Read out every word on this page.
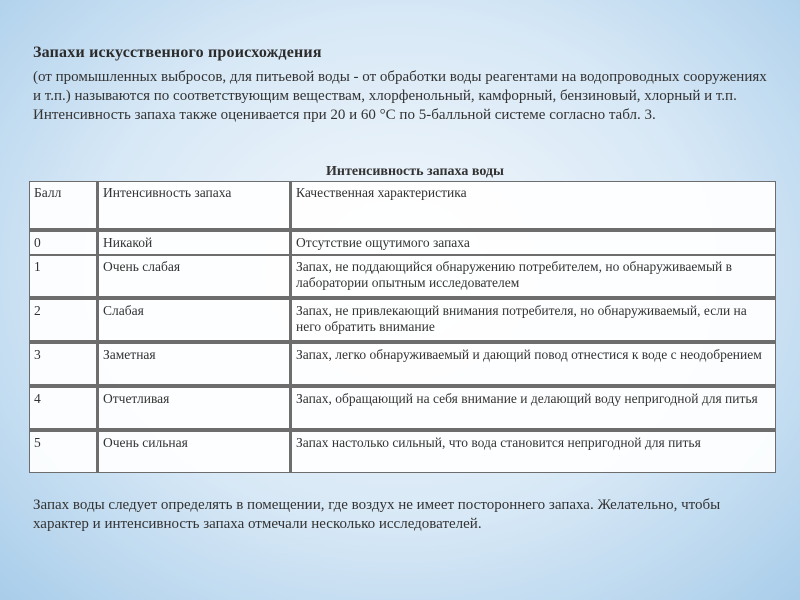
Запахи искусственного происхождения
(от промышленных выбросов, для питьевой воды - от обработки воды реагентами на водопроводных сооружениях и т.п.) называются по соответствующим веществам, хлорфенольный, камфорный, бензиновый, хлорный и т.п. Интенсивность запаха также оценивается при 20 и 60 °С по 5-балльной системе согласно табл. 3.
Интенсивность запаха воды
Балл	Интенсивность запаха	Качественная характеристика
0	Никакой	Отсутствие ощутимого запаха
1	Очень слабая	Запах, не поддающийся обнаружению потребителем, но обнаруживаемый в лаборатории опытным исследователем
2	Слабая	Запах, не привлекающий внимания потребителя, но обнаруживаемый, если на него обратить внимание
3	Заметная	Запах, легко обнаруживаемый и дающий повод отнестися к воде с неодобрением
4	Отчетливая	Запах, обращающий на себя внимание и делающий воду непригодной для питья
5	Очень сильная	Запах настолько сильный, что вода становится непригодной для питья
Запах воды следует определять в помещении, где воздух не имеет постороннего запаха. Желательно, чтобы характер и интенсивность запаха отмечали несколько исследователей.
